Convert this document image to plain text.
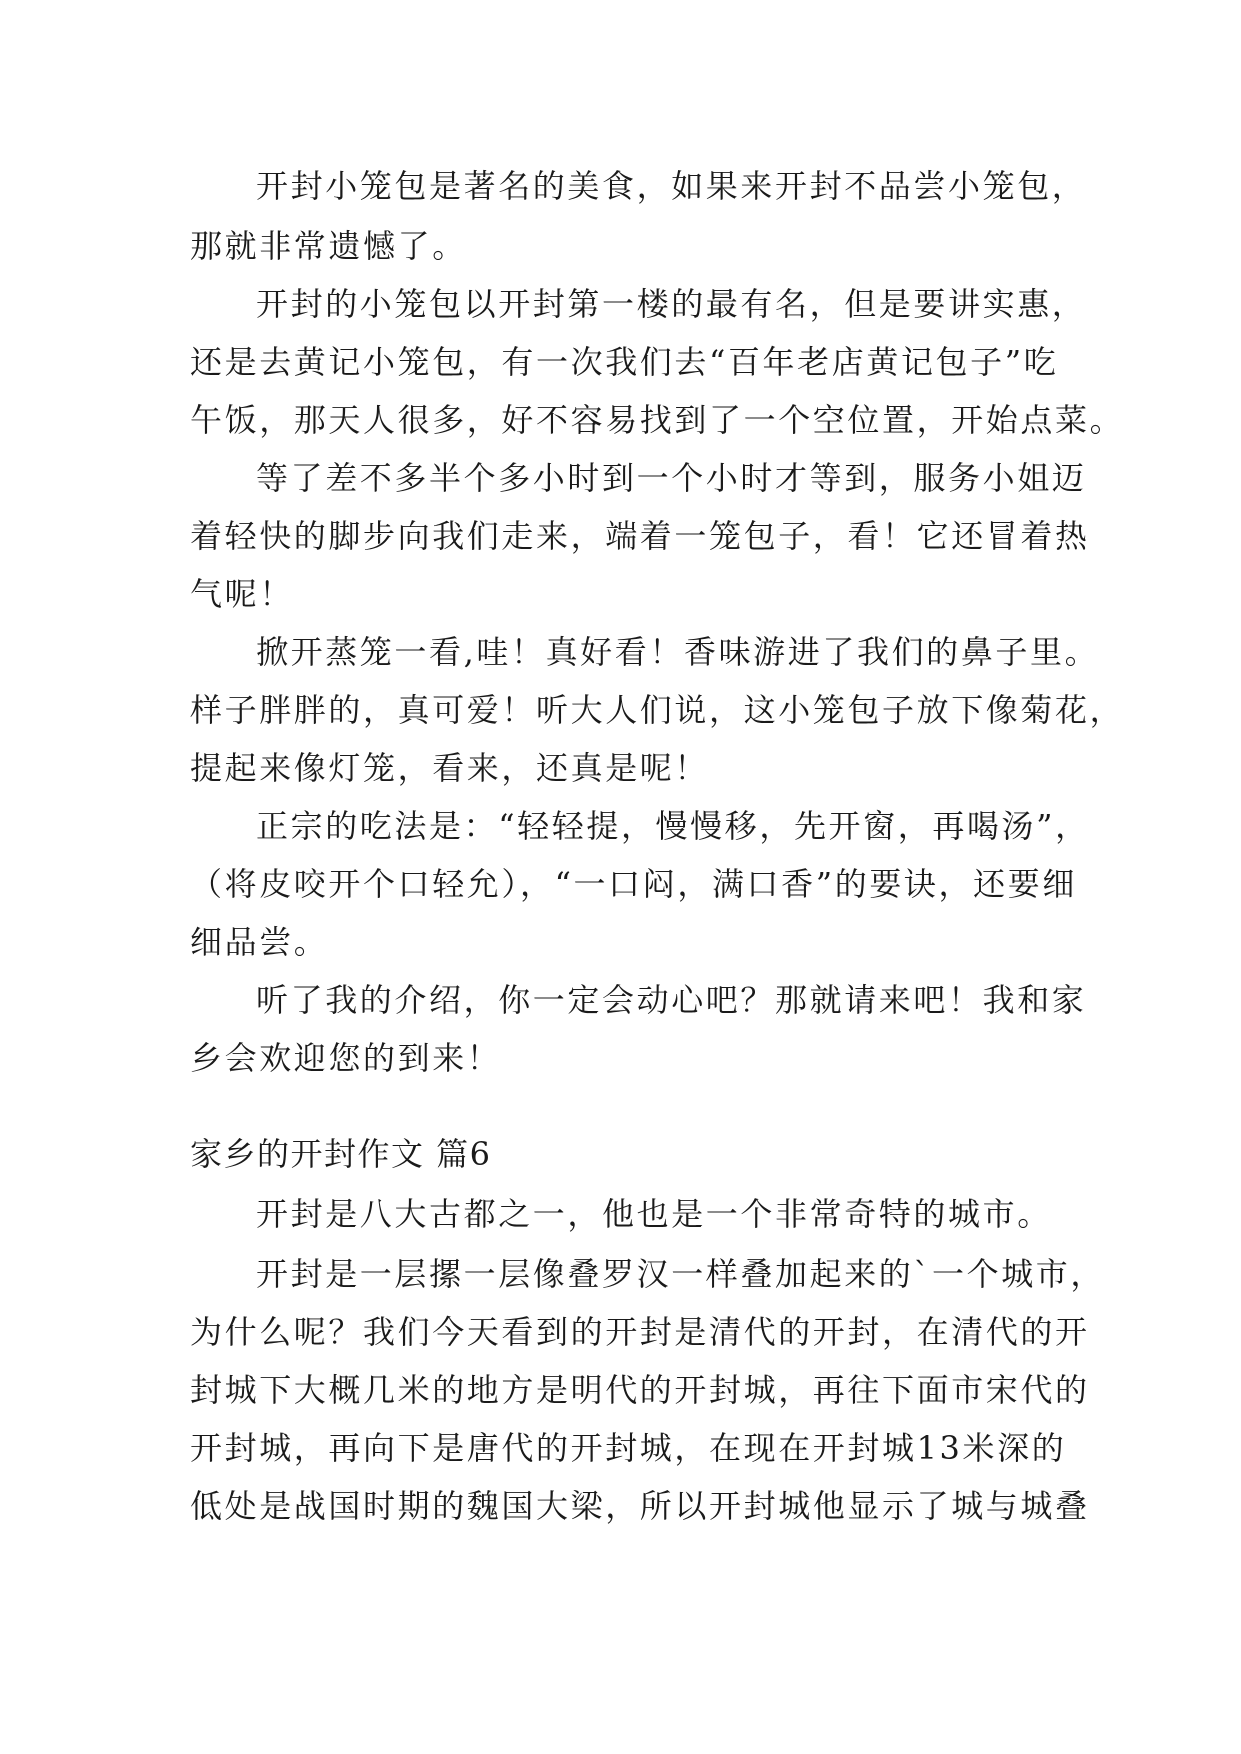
开封小笼包是著名的美食，如果来开封不品尝小笼包，
那就非常遗憾了。
开封的小笼包以开封第一楼的最有名，但是要讲实惠，
还是去黄记小笼包，有一次我们去“百年老店黄记包子”吃
午饭，那天人很多，好不容易找到了一个空位置，开始点菜。
等了差不多半个多小时到一个小时才等到，服务小姐迈
着轻快的脚步向我们走来，端着一笼包子，看！它还冒着热
气呢！
掀开蒸笼一看,哇！真好看！香味游进了我们的鼻子里。
样子胖胖的，真可爱！听大人们说，这小笼包子放下像菊花，
提起来像灯笼，看来，还真是呢！
正宗的吃法是：“轻轻提，慢慢移，先开窗，再喝汤”，
（将皮咬开个口轻允），“一口闷，满口香”的要诀，还要细
细品尝。
听了我的介绍，你一定会动心吧？那就请来吧！我和家
乡会欢迎您的到来！
家乡的开封作文 篇6
开封是八大古都之一，他也是一个非常奇特的城市。
开封是一层摞一层像叠罗汉一样叠加起来的`一个城市，
为什么呢？我们今天看到的开封是清代的开封，在清代的开
封城下大概几米的地方是明代的开封城，再往下面市宋代的
开封城，再向下是唐代的开封城，在现在开封城13米深的
低处是战国时期的魏国大梁，所以开封城他显示了城与城叠
